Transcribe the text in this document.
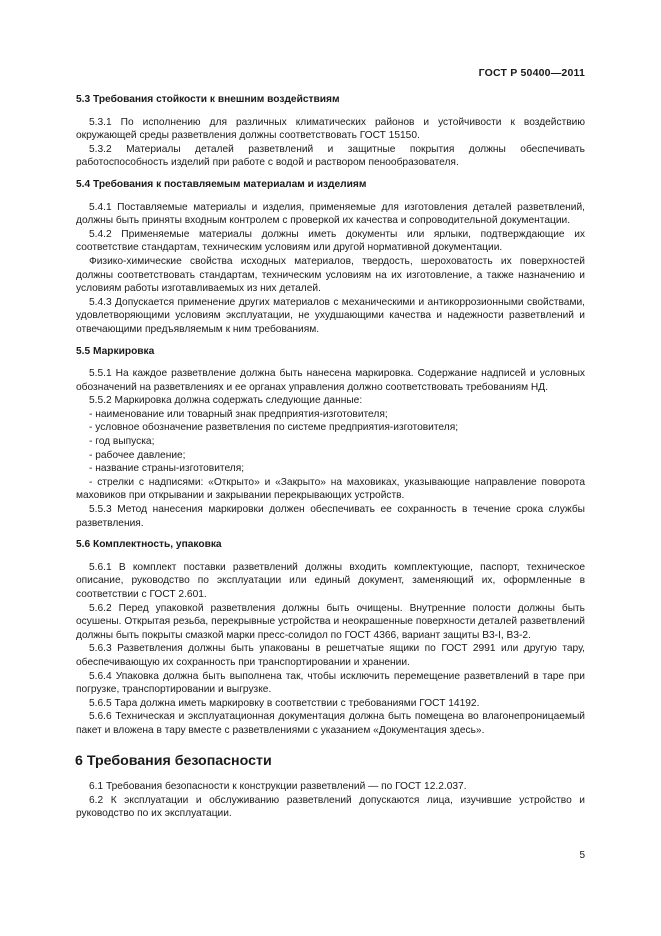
ГОСТ Р 50400—2011

5.3 Требования стойкости к внешним воздействиям

5.3.1 По исполнению для различных климатических районов и устойчивости к воздействию окружающей среды разветвления должны соответствовать ГОСТ 15150.

5.3.2 Материалы деталей разветвлений и защитные покрытия должны обеспечивать работоспособность изделий при работе с водой и раствором пенообразователя.

5.4 Требования к поставляемым материалам и изделиям

5.4.1 Поставляемые материалы и изделия, применяемые для изготовления деталей разветвлений, должны быть приняты входным контролем с проверкой их качества и сопроводительной документации.

5.4.2 Применяемые материалы должны иметь документы или ярлыки, подтверждающие их соответствие стандартам, техническим условиям или другой нормативной документации.

Физико-химические свойства исходных материалов, твердость, шероховатость их поверхностей должны соответствовать стандартам, техническим условиям на их изготовление, а также назначению и условиям работы изготавливаемых из них деталей.

5.4.3 Допускается применение других материалов с механическими и антикоррозионными свойствами, удовлетворяющими условиям эксплуатации, не ухудшающими качества и надежности разветвлений и отвечающими предъявляемым к ним требованиям.

5.5 Маркировка

5.5.1 На каждое разветвление должна быть нанесена маркировка. Содержание надписей и условных обозначений на разветвлениях и ее органах управления должно соответствовать требованиям НД.

5.5.2 Маркировка должна содержать следующие данные:

- наименование или товарный знак предприятия-изготовителя;

- условное обозначение разветвления по системе предприятия-изготовителя;

- год выпуска;

- рабочее давление;

- название страны-изготовителя;

- стрелки с надписями: «Открыто» и «Закрыто» на маховиках, указывающие направление поворота маховиков при открывании и закрывании перекрывающих устройств.

5.5.3 Метод нанесения маркировки должен обеспечивать ее сохранность в течение срока службы разветвления.

5.6 Комплектность, упаковка

5.6.1 В комплект поставки разветвлений должны входить комплектующие, паспорт, техническое описание, руководство по эксплуатации или единый документ, заменяющий их, оформленные в соответствии с ГОСТ 2.601.

5.6.2 Перед упаковкой разветвления должны быть очищены. Внутренние полости должны быть осушены. Открытая резьба, перекрывные устройства и неокрашенные поверхности деталей разветвлений должны быть покрыты смазкой марки пресс-солидол по ГОСТ 4366, вариант защиты В3-I, В3-2.

5.6.3 Разветвления должны быть упакованы в решетчатые ящики по ГОСТ 2991 или другую тару, обеспечивающую их сохранность при транспортировании и хранении.

5.6.4 Упаковка должна быть выполнена так, чтобы исключить перемещение разветвлений в таре при погрузке, транспортировании и выгрузке.

5.6.5 Тара должна иметь маркировку в соответствии с требованиями ГОСТ 14192.

5.6.6 Техническая и эксплуатационная документация должна быть помещена во влагонепроницаемый пакет и вложена в тару вместе с разветвлениями с указанием «Документация здесь».

6 Требования безопасности

6.1 Требования безопасности к конструкции разветвлений — по ГОСТ 12.2.037.

6.2 К эксплуатации и обслуживанию разветвлений допускаются лица, изучившие устройство и руководство по их эксплуатации.

5
